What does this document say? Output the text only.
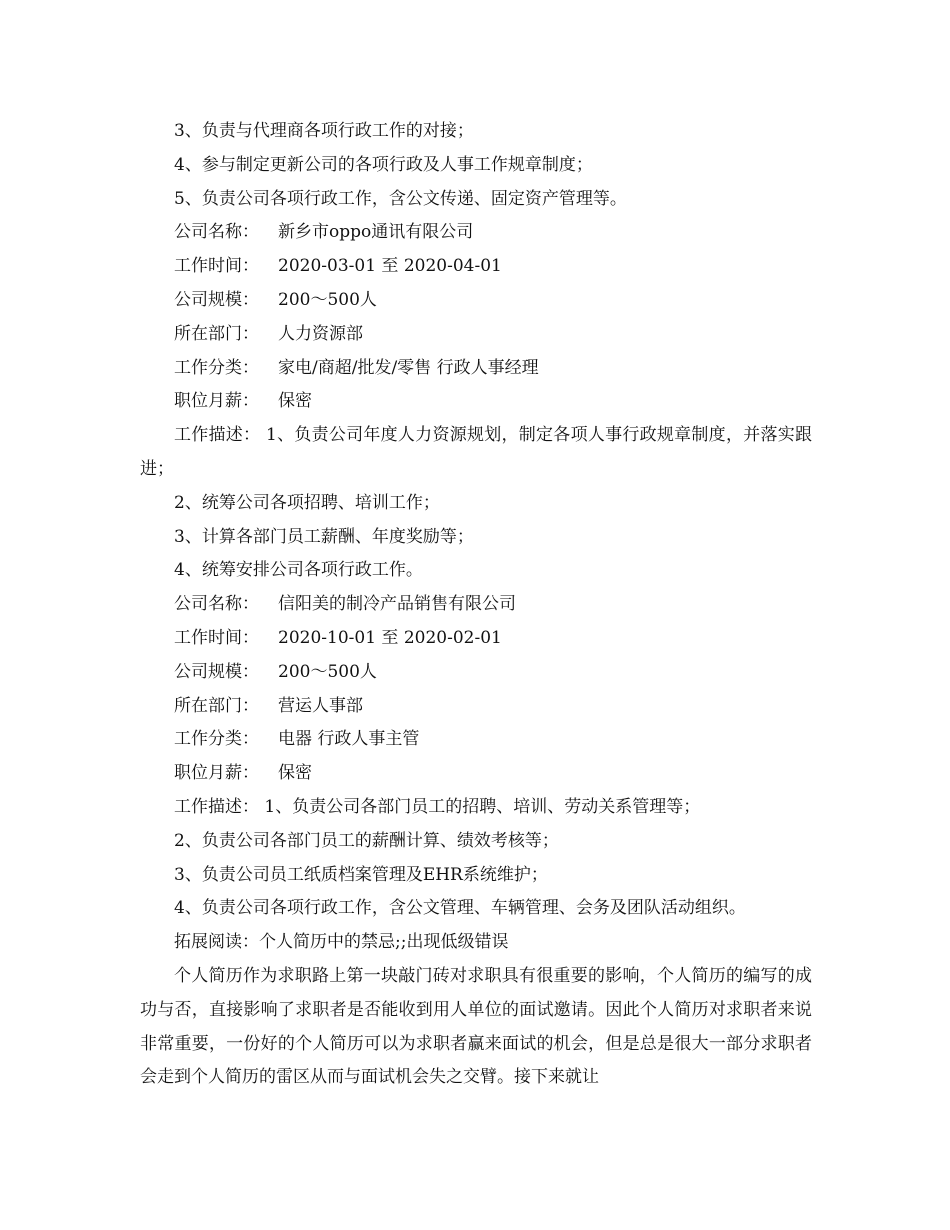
3、负责与代理商各项行政工作的对接；
4、参与制定更新公司的各项行政及人事工作规章制度；
5、负责公司各项行政工作，含公文传递、固定资产管理等。
公司名称： 新乡市oppo通讯有限公司
工作时间： 2020-03-01 至 2020-04-01
公司规模： 200～500人
所在部门： 人力资源部
工作分类： 家电/商超/批发/零售 行政人事经理
职位月薪： 保密
工作描述： 1、负责公司年度人力资源规划，制定各项人事行政规章制度，并落实跟进；
2、统筹公司各项招聘、培训工作；
3、计算各部门员工薪酬、年度奖励等；
4、统筹安排公司各项行政工作。
公司名称： 信阳美的制冷产品销售有限公司
工作时间： 2020-10-01 至 2020-02-01
公司规模： 200～500人
所在部门： 营运人事部
工作分类： 电器 行政人事主管
职位月薪： 保密
工作描述： 1、负责公司各部门员工的招聘、培训、劳动关系管理等；
2、负责公司各部门员工的薪酬计算、绩效考核等；
3、负责公司员工纸质档案管理及EHR系统维护；
4、负责公司各项行政工作，含公文管理、车辆管理、会务及团队活动组织。
拓展阅读：个人简历中的禁忌;;出现低级错误
个人简历作为求职路上第一块敲门砖对求职具有很重要的影响，个人简历的编写的成功与否，直接影响了求职者是否能收到用人单位的面试邀请。因此个人简历对求职者来说非常重要，一份好的个人简历可以为求职者赢来面试的机会，但是总是很大一部分求职者会走到个人简历的雷区从而与面试机会失之交臂。接下来就让
